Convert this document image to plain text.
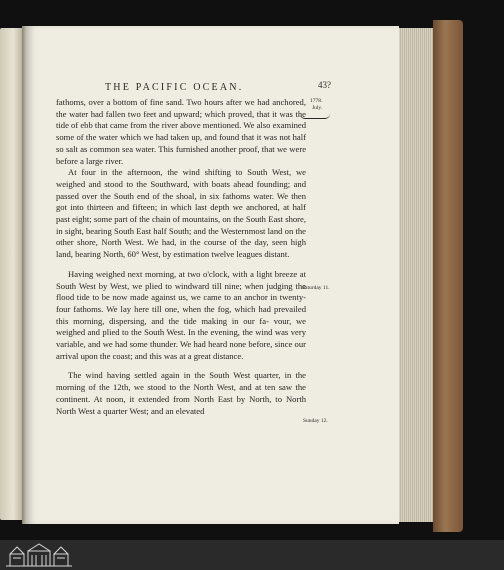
THE PACIFIC OCEAN.	43?
1778.
July.
Saturday 11.
Sunday 12.

fathoms, over a bottom of fine sand. Two hours after we had anchored, the water had fallen two feet and upward; which proved, that it was the tide of ebb that came from the river above mentioned. We also examined some of the water which we had taken up, and found that it was not half so salt as common sea water. This furnished another proof, that we were before a large river.

At four in the afternoon, the wind shifting to South West, we weighed and stood to the Southward, with boats ahead founding; and passed over the South end of the shoal, in six fathoms water. We then got into thirteen and fifteen; in which last depth we anchored, at half past eight; some part of the chain of mountains, on the South East shore, in sight, bearing South East half South; and the Westernmost land on the other shore, North West. We had, in the course of the day, seen high land, bearing North, 60° West, by estimation twelve leagues distant.

Having weighed next morning, at two o'clock, with a light breeze at South West by West, we plied to windward till nine; when judging the flood tide to be now made against us, we came to an anchor in twenty-four fathoms. We lay here till one, when the fog, which had prevailed this morning, dispersing, and the tide making in our fa- vour, we weighed and plied to the South West. In the evening, the wind was very variable, and we had some thunder. We had heard none before, since our arrival upon the coast; and this was at a great distance.

The wind having settled again in the South West quarter, in the morning of the 12th, we stood to the North West, and at ten saw the continent. At noon, it extended from North East by North, to North North West a quarter West; and an elevated
